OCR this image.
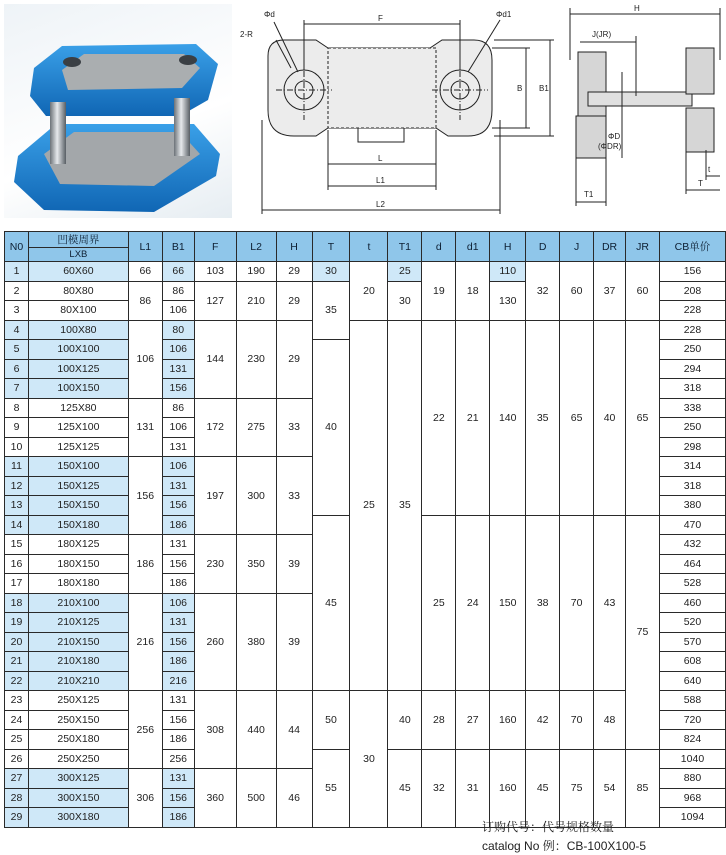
Φd
2-R
F	Φd1
B B1
L
L1
L2
H
J(JR)
ΦD
(ΦDR)
T1
t
T
N0	凹模周界	L1	B1	F	L2	H	T	t	T1	d	d1	H	D	J	DR	JR	CB单价
	LXB																
1	60X60	66	66	103	190	29	30	20	25	19	18	110	32	60	37	60	156
2	80X80	86	86	127	210	29	35		30			130					208
3	80X100		106														228
4	100X80	106	80	144	230	29		25	35	22	21	140	35	65	40	65	228
5	100X100		106				40										250
6	100X125		131														294
7	100X150		156														318
8	125X80	131	86	172	275	33											338
9	125X100		106														250
10	125X125		131														298
11	150X100	156	106	197	300	33											314
12	150X125		131														318
13	150X150		156														380
14	150X180		186				45			25	24	150	38	70	43	75	470
15	180X125	186	131	230	350	39											432
16	180X150		156														464
17	180X180		186														528
18	210X100	216	106	260	380	39											460
19	210X125		131														520
20	210X150		156														570
21	210X180		186														608
22	210X210		216														640
23	250X125	256	131	308	440	44	50	30	40	28	27	160	42	70	48		588
24	250X150		156														720
25	250X180		186														824
26	250X250		256				55		45	32	31	160	45	75	54	85	1040
27	300X125	306	131	360	500	46											880
28	300X150		156														968
29	300X180		186														1094
订购代号：代号规格数量
catalog No 例：CB-100X100-5
